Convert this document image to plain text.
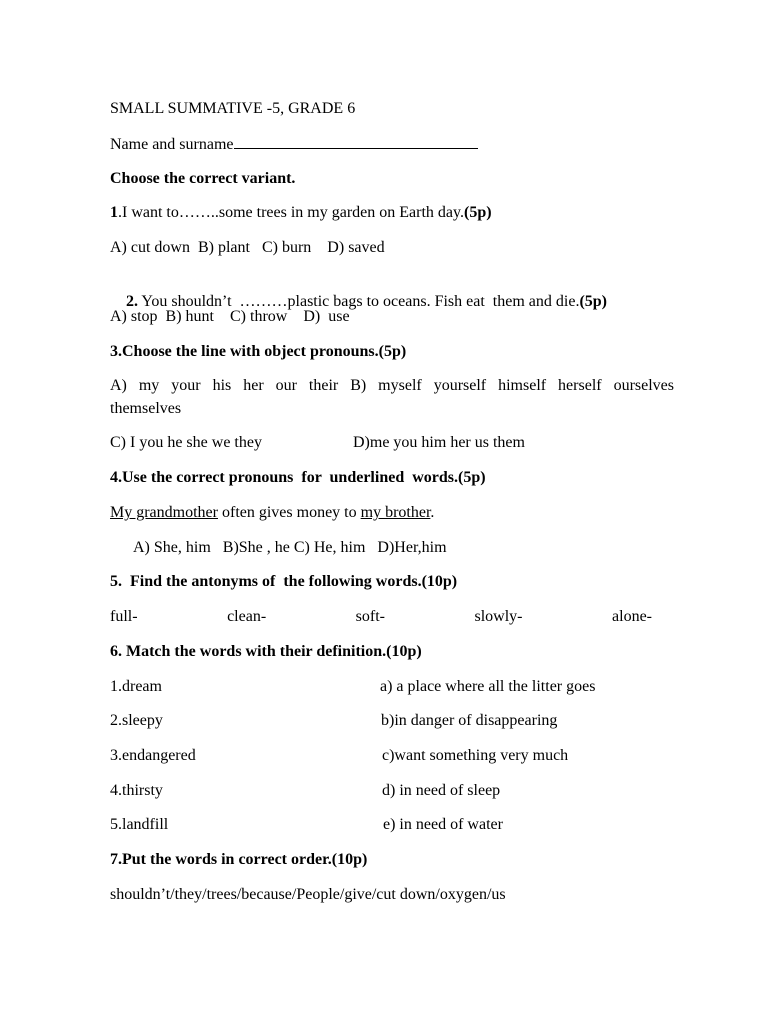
SMALL SUMMATIVE -5, GRADE 6
Name and surname
Choose the correct variant.
1.I want to……..some trees in my garden on Earth day.(5p)
A) cut down  B) plant   C) burn    D) saved

2. You shouldn’t  ………plastic bags to oceans. Fish eat  them and die.(5p)

A) stop  B) hunt    C) throw    D)  use
3.Choose the line with object pronouns.(5p)
A) my your his her our their B) myself yourself himself herself ourselves
themselves
C) I you he she we they	D)me you him her us them
4.Use the correct pronouns  for  underlined  words.(5p)
My grandmother often gives money to my brother.
A) She, him   B)She , he C) He, him   D)Her,him
5.  Find the antonyms of  the following words.(10p)
full-	clean-	soft-	slowly-	alone-
6. Match the words with their definition.(10p)
1.dream	a) a place where all the litter goes
2.sleepy	b)in danger of disappearing
3.endangered	c)want something very much
4.thirsty	d) in need of sleep
5.landfill	e) in need of water
7.Put the words in correct order.(10p)
shouldn’t/they/trees/because/People/give/cut down/oxygen/us
